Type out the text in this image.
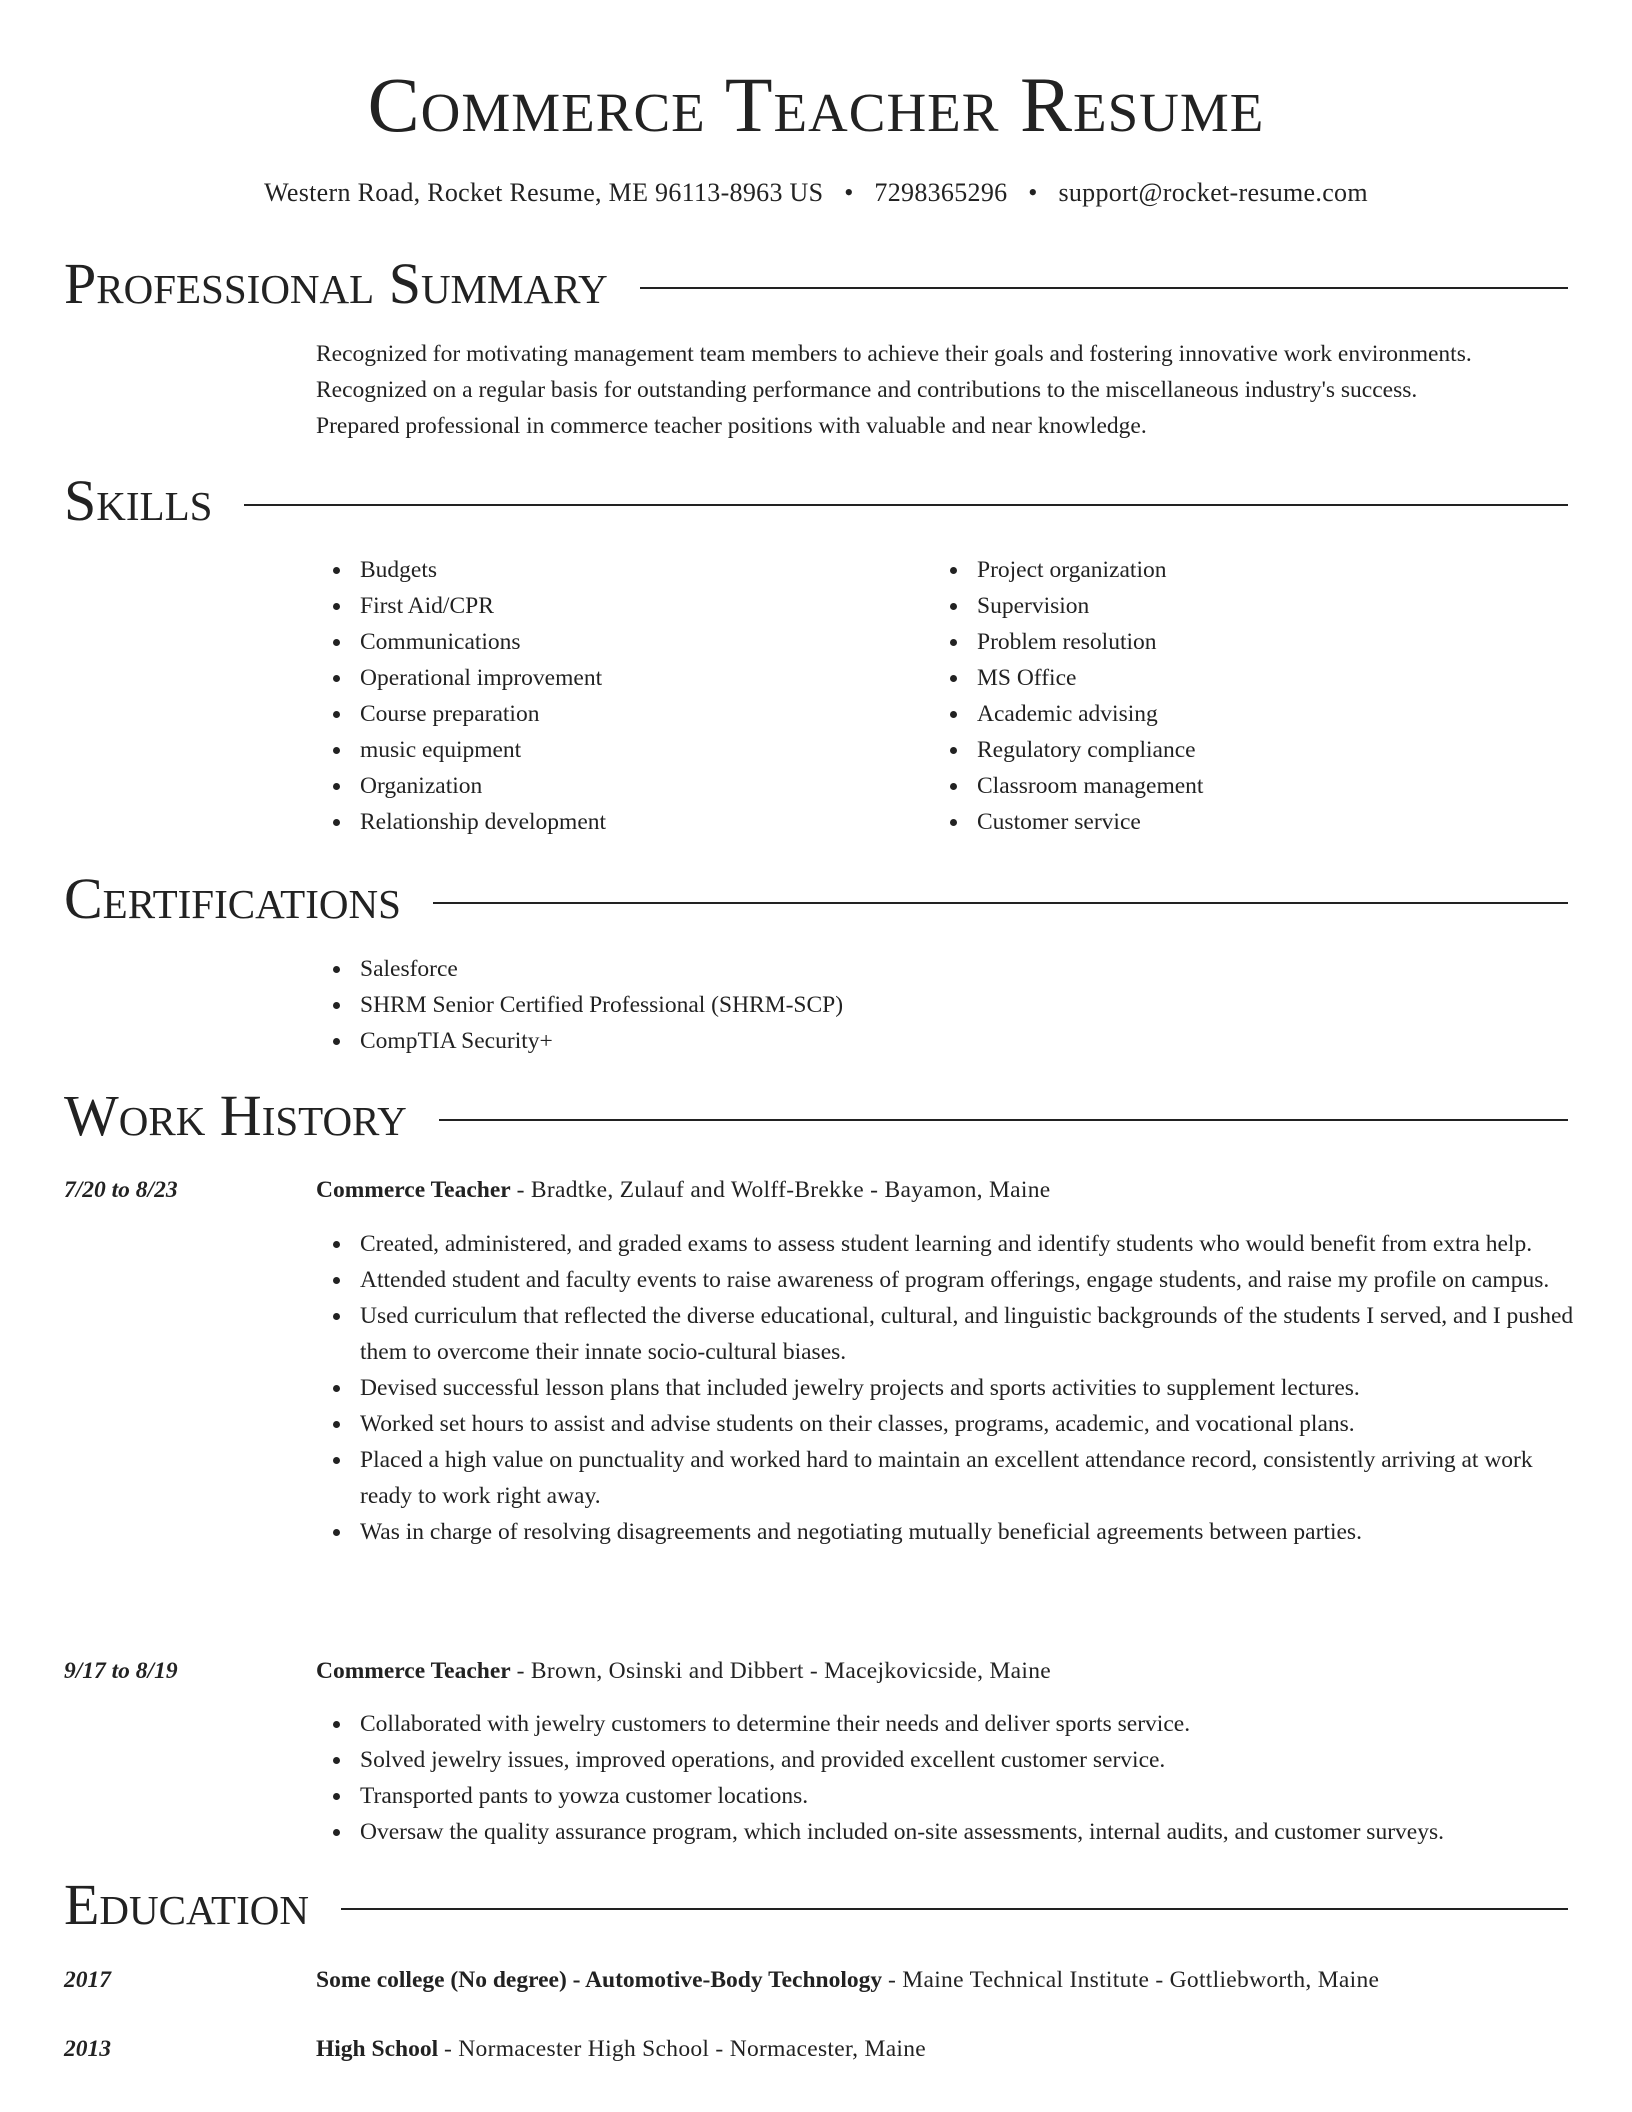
Commerce Teacher Resume
Western Road, Rocket Resume, ME 96113-8963 US • 7298365296 • support@rocket-resume.com
Professional Summary

Recognized for motivating management team members to achieve their goals and fostering innovative work environments.

Recognized on a regular basis for outstanding performance and contributions to the miscellaneous industry's success.

Prepared professional in commerce teacher positions with valuable and near knowledge.

Skills
Budgets
First Aid/CPR
Communications
Operational improvement
Course preparation
music equipment
Organization
Relationship development
Project organization
Supervision
Problem resolution
MS Office
Academic advising
Regulatory compliance
Classroom management
Customer service
Certifications
Salesforce
SHRM Senior Certified Professional (SHRM-SCP)
CompTIA Security+
Work History
7/20 to 8/23	Commerce Teacher - Bradtke, Zulauf and Wolff-Brekke - Bayamon, Maine
Created, administered, and graded exams to assess student learning and identify students who would benefit from extra help.
Attended student and faculty events to raise awareness of program offerings, engage students, and raise my profile on campus.
Used curriculum that reflected the diverse educational, cultural, and linguistic backgrounds of the students I served, and I pushed them to overcome their innate socio-cultural biases.
Devised successful lesson plans that included jewelry projects and sports activities to supplement lectures.
Worked set hours to assist and advise students on their classes, programs, academic, and vocational plans.
Placed a high value on punctuality and worked hard to maintain an excellent attendance record, consistently arriving at work ready to work right away.
Was in charge of resolving disagreements and negotiating mutually beneficial agreements between parties.
9/17 to 8/19	Commerce Teacher - Brown, Osinski and Dibbert - Macejkovicside, Maine
Collaborated with jewelry customers to determine their needs and deliver sports service.
Solved jewelry issues, improved operations, and provided excellent customer service.
Transported pants to yowza customer locations.
Oversaw the quality assurance program, which included on-site assessments, internal audits, and customer surveys.
Education
2017	Some college (No degree) - Automotive-Body Technology - Maine Technical Institute - Gottliebworth, Maine
2013	High School - Normacester High School - Normacester, Maine
